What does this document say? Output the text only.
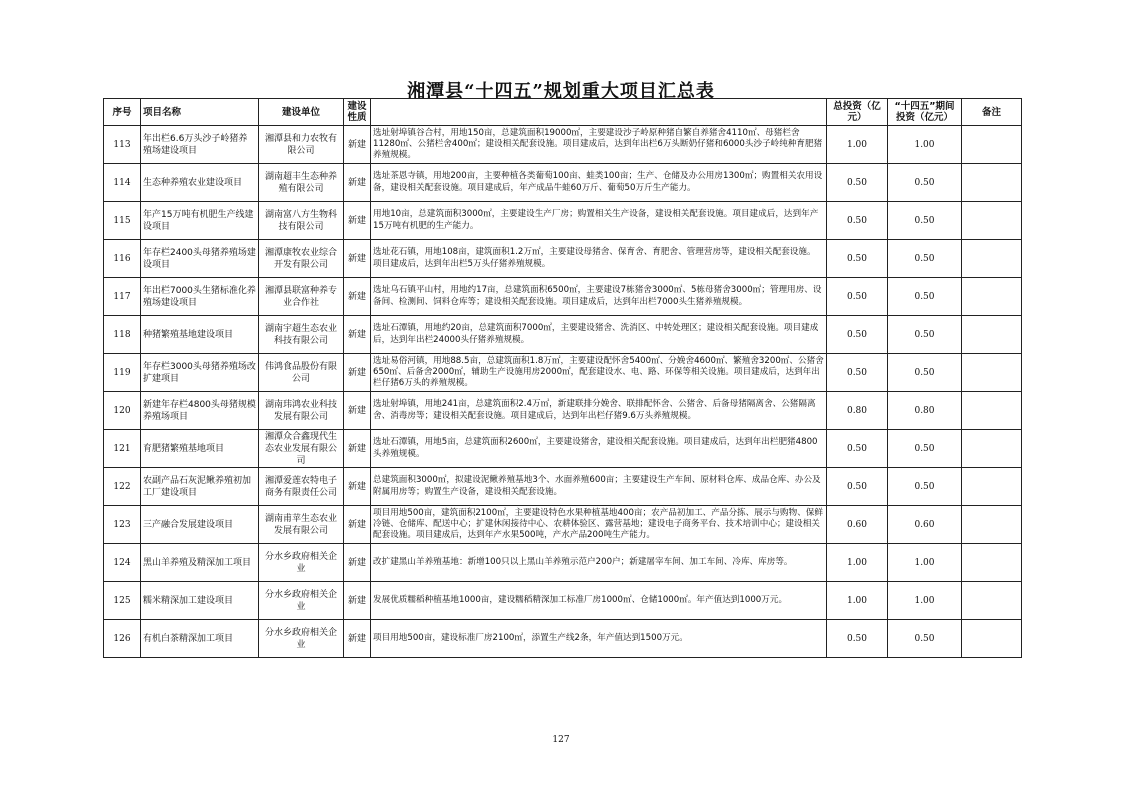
湘潭县“十四五”规划重大项目汇总表
序号	项目名称	建设单位	建设性质		总投资（亿元）	“十四五”期间投资（亿元）	备注
113	年出栏6.6万头沙子岭猪养殖场建设项目	湘潭县和力农牧有限公司	新建	选址射埠镇谷合村，用地150亩，总建筑面积19000㎡，主要建设沙子岭原种猪自繁自养猪舍4110㎡、母猪栏舍11280㎡、公猪栏舍400㎡；建设相关配套设施。项目建成后，达到年出栏6万头断奶仔猪和6000头沙子岭纯种育肥猪养殖规模。	1.00	1.00	
114	生态种养殖农业建设项目	湖南超丰生态种养殖有限公司	新建	选址茶恩寺镇，用地200亩，主要种植各类葡萄100亩、蛙类100亩；生产、仓储及办公用房1300㎡；购置相关农用设备，建设相关配套设施。项目建成后，年产成品牛蛙60万斤、葡萄50万斤生产能力。	0.50	0.50	
115	年产15万吨有机肥生产线建设项目	湖南富八方生物科技有限公司	新建	用地10亩，总建筑面积3000㎡，主要建设生产厂房；购置相关生产设备，建设相关配套设施。项目建成后，达到年产15万吨有机肥的生产能力。	0.50	0.50	
116	年存栏2400头母猪养殖场建设项目	湘潭康牧农业综合开发有限公司	新建	选址花石镇，用地108亩，建筑面积1.2万㎡，主要建设母猪舍、保育舍、育肥舍、管理营房等，建设相关配套设施。项目建成后，达到年出栏5万头仔猪养殖规模。	0.50	0.50	
117	年出栏7000头生猪标准化养殖场建设项目	湘潭县联富种养专业合作社	新建	选址乌石镇平山村，用地约17亩，总建筑面积6500㎡，主要建设7栋猪舍3000㎡、5栋母猪舍3000㎡；管理用房、设备间、检测间、饲料仓库等；建设相关配套设施。项目建成后，达到年出栏7000头生猪养殖规模。	0.50	0.50	
118	种猪繁殖基地建设项目	湖南宇超生态农业科技有限公司	新建	选址石潭镇，用地约20亩，总建筑面积7000㎡，主要建设猪舍、洗消区、中转处理区；建设相关配套设施。项目建成后，达到年出栏24000头仔猪养殖规模。	0.50	0.50	
119	年存栏3000头母猪养殖场改扩建项目	伟鸿食品股份有限公司	新建	选址易俗河镇，用地88.5亩，总建筑面积1.8万㎡，主要建设配怀舍5400㎡、分娩舍4600㎡、繁殖舍3200㎡、公猪舍650㎡、后备舍2000㎡，辅助生产设施用房2000㎡，配套建设水、电、路、环保等相关设施。项目建成后，达到年出栏仔猪6万头的养殖规模。	0.50	0.50	
120	新建年存栏4800头母猪规模养殖场项目	湖南玮鸿农业科技发展有限公司	新建	选址射埠镇，用地241亩，总建筑面积2.4万㎡，新建联排分娩舍、联排配怀舍、公猪舍、后备母猪隔离舍、公猪隔离舍、消毒房等；建设相关配套设施。项目建成后，达到年出栏仔猪9.6万头养殖规模。	0.80	0.80	
121	育肥猪繁殖基地项目	湘潭众合鑫现代生态农业发展有限公司	新建	选址石潭镇，用地5亩，总建筑面积2600㎡，主要建设猪舍，建设相关配套设施。项目建成后，达到年出栏肥猪4800头养殖规模。	0.50	0.50	
122	农副产品石灰泥鳅养殖初加工厂建设项目	湘潭爱莲农特电子商务有限责任公司	新建	总建筑面积3000㎡，拟建设泥鳅养殖基地3个、水面养殖600亩；主要建设生产车间、原材料仓库、成品仓库、办公及附属用房等；购置生产设备，建设相关配套设施。	0.50	0.50	
123	三产融合发展建设项目	湖南甫苹生态农业发展有限公司	新建	项目用地500亩，建筑面积2100㎡，主要建设特色水果种植基地400亩；农产品初加工、产品分拣、展示与购物、保鲜冷链、仓储库、配送中心；扩建休闲接待中心、农耕体验区、露营基地；建设电子商务平台、技术培训中心；建设相关配套设施。项目建成后，达到年产水果500吨，产水产品200吨生产能力。	0.60	0.60	
124	黑山羊养殖及精深加工项目	分水乡政府相关企业	新建	改扩建黑山羊养殖基地：新增100只以上黑山羊养殖示范户200户；新建屠宰车间、加工车间、冷库、库房等。	1.00	1.00	
125	糯米精深加工建设项目	分水乡政府相关企业	新建	发展优质糯稻种植基地1000亩，建设糯稻精深加工标准厂房1000㎡、仓储1000㎡。年产值达到1000万元。	1.00	1.00	
126	有机白茶精深加工项目	分水乡政府相关企业	新建	项目用地500亩，建设标准厂房2100㎡，添置生产线2条，年产值达到1500万元。	0.50	0.50	
127
